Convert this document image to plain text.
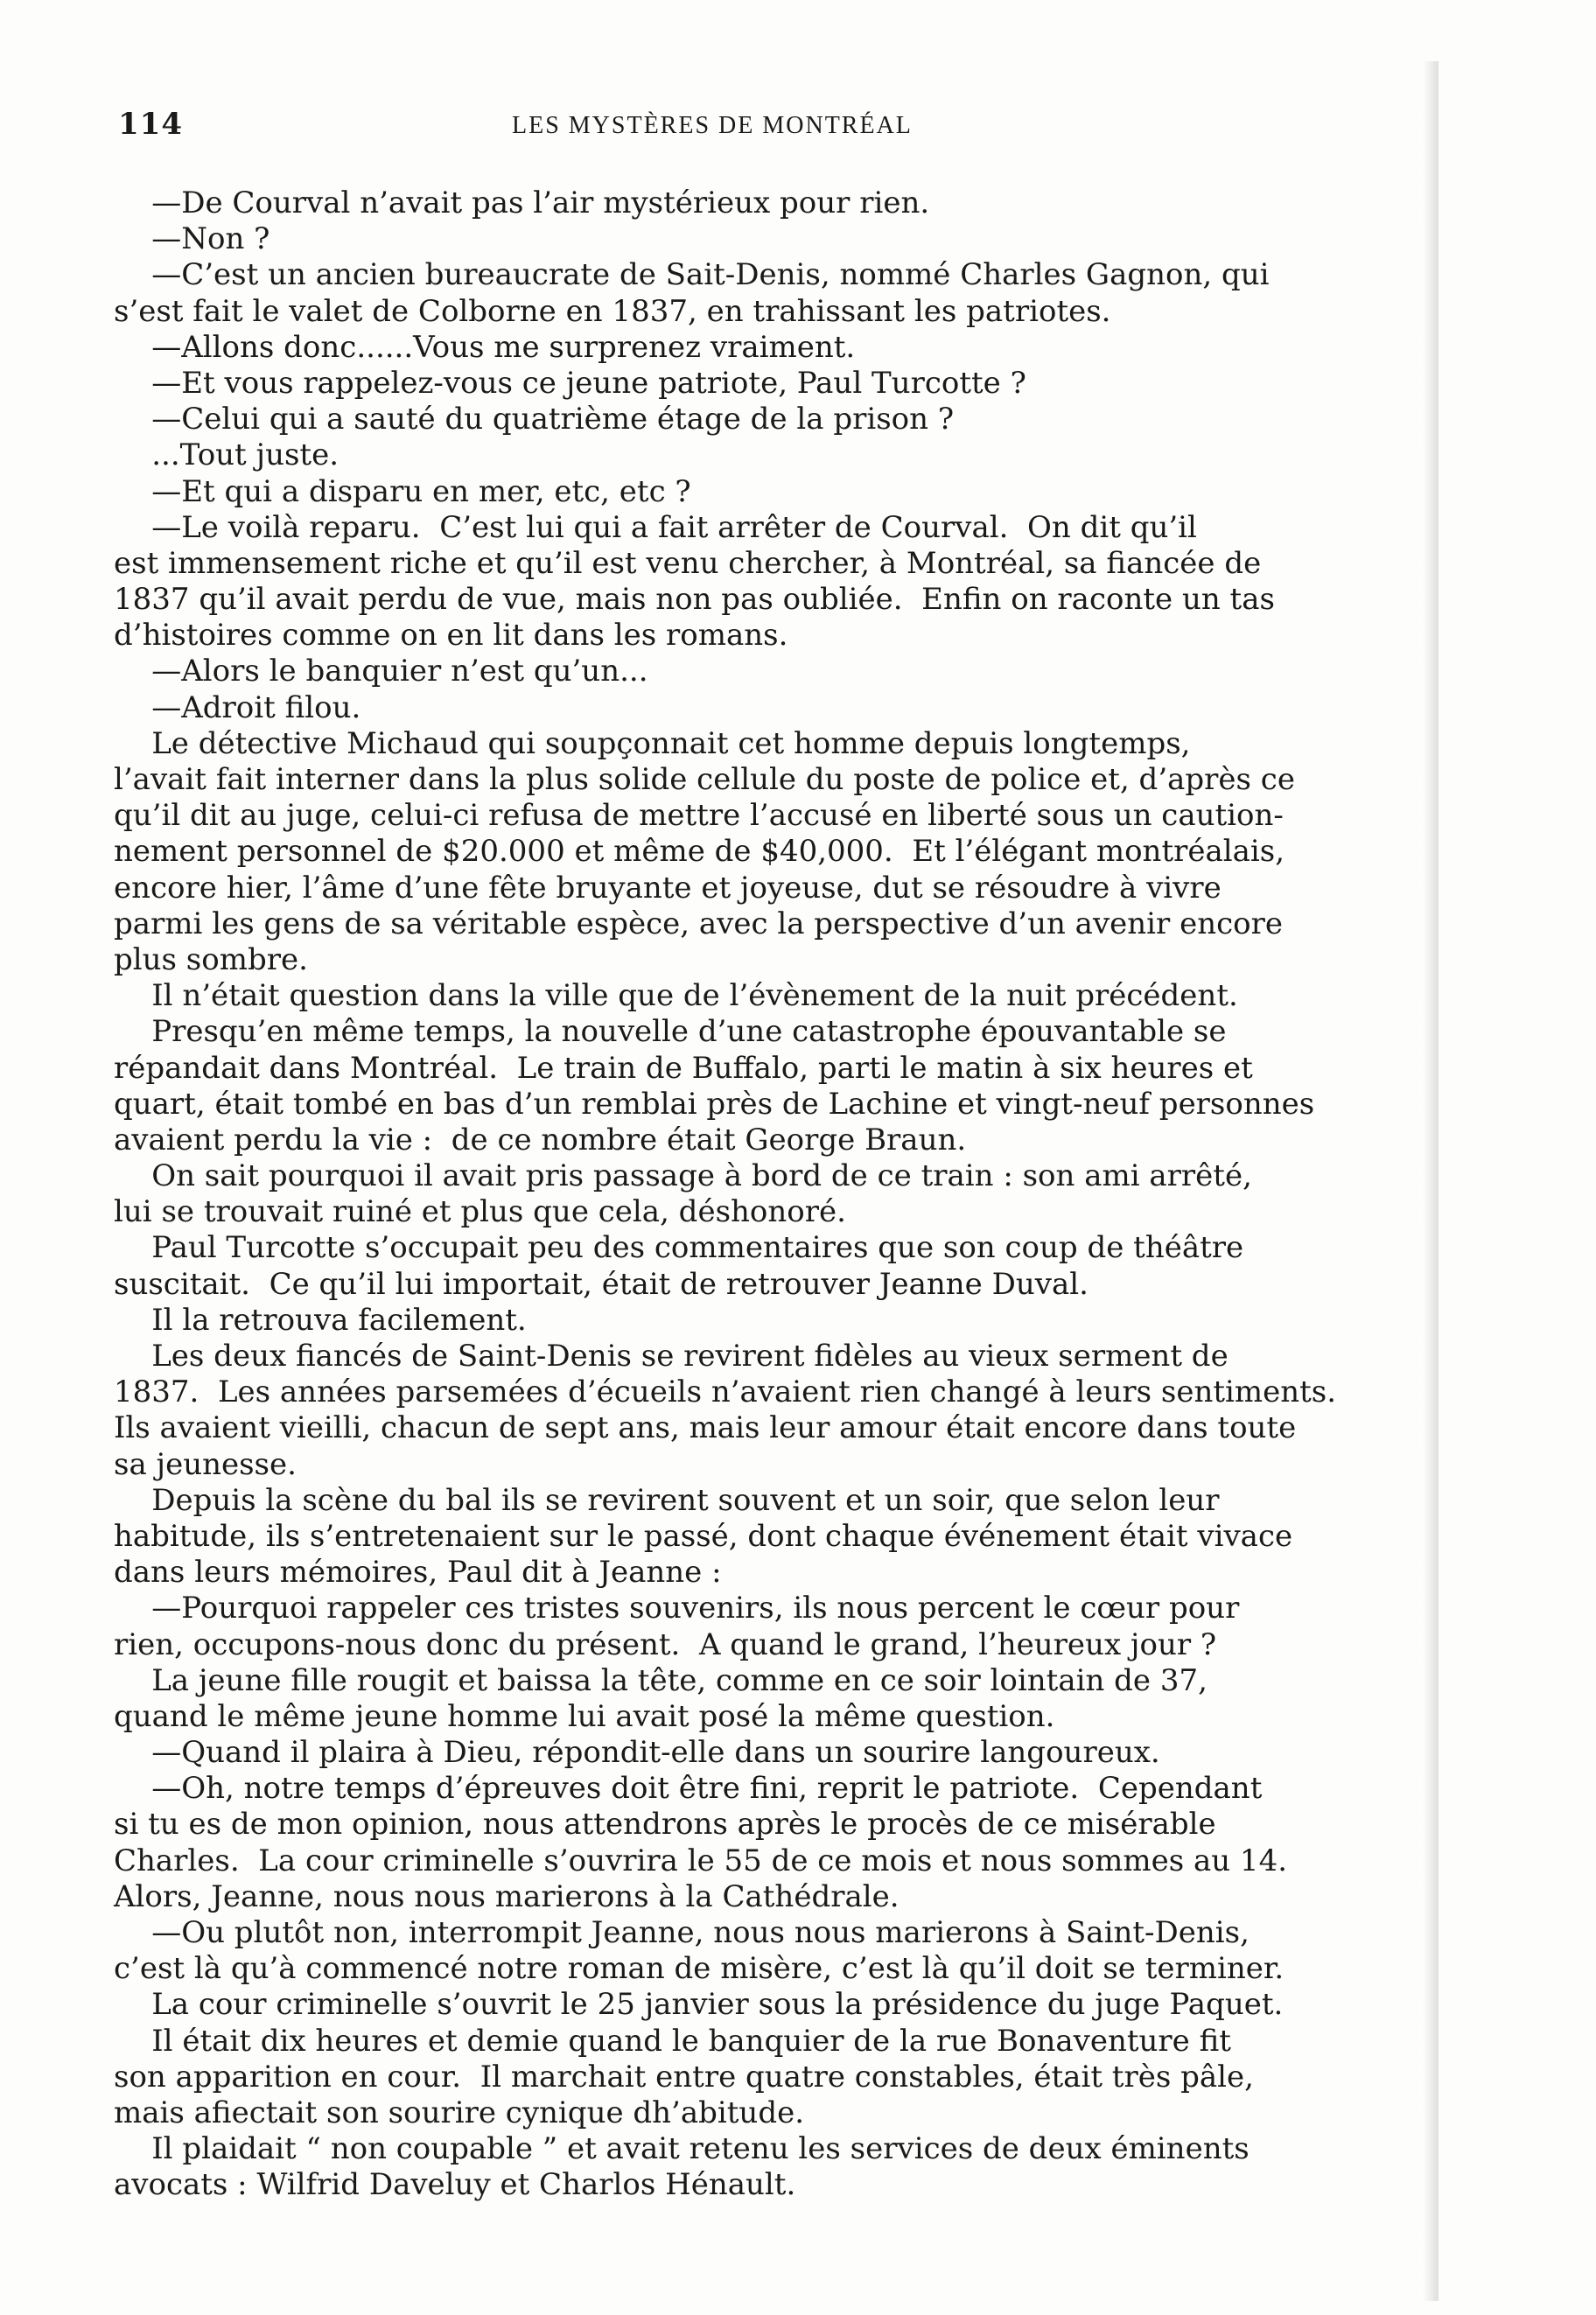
114	LES MYSTÈRES DE MONTRÉAL
—De Courval n’avait pas l’air mystérieux pour rien.
—Non ?
—C’est un ancien bureaucrate de Sait-Denis, nommé Charles Gagnon, qui
s’est fait le valet de Colborne en 1837, en trahissant les patriotes.
—Allons donc......Vous me surprenez vraiment.
—Et vous rappelez-vous ce jeune patriote, Paul Turcotte ?
—Celui qui a sauté du quatrième étage de la prison ?
...Tout juste.
—Et qui a disparu en mer, etc, etc ?
—Le voilà reparu.  C’est lui qui a fait arrêter de Courval.  On dit qu’il
est immensement riche et qu’il est venu chercher, à Montréal, sa fiancée de
1837 qu’il avait perdu de vue, mais non pas oubliée.  Enfin on raconte un tas
d’histoires comme on en lit dans les romans.
—Alors le banquier n’est qu’un...
—Adroit filou.
Le détective Michaud qui soupçonnait cet homme depuis longtemps,
l’avait fait interner dans la plus solide cellule du poste de police et, d’après ce
qu’il dit au juge, celui-ci refusa de mettre l’accusé en liberté sous un caution-
nement personnel de $20.000 et même de $40,000.  Et l’élégant montréalais,
encore hier, l’âme d’une fête bruyante et joyeuse, dut se résoudre à vivre
parmi les gens de sa véritable espèce, avec la perspective d’un avenir encore
plus sombre.
Il n’était question dans la ville que de l’évènement de la nuit précédent.
Presqu’en même temps, la nouvelle d’une catastrophe épouvantable se
répandait dans Montréal.  Le train de Buffalo, parti le matin à six heures et
quart, était tombé en bas d’un remblai près de Lachine et vingt-neuf personnes
avaient perdu la vie :  de ce nombre était George Braun.
On sait pourquoi il avait pris passage à bord de ce train : son ami arrêté,
lui se trouvait ruiné et plus que cela, déshonoré.
Paul Turcotte s’occupait peu des commentaires que son coup de théâtre
suscitait.  Ce qu’il lui importait, était de retrouver Jeanne Duval.
Il la retrouva facilement.
Les deux fiancés de Saint-Denis se revirent fidèles au vieux serment de
1837.  Les années parsemées d’écueils n’avaient rien changé à leurs sentiments.
Ils avaient vieilli, chacun de sept ans, mais leur amour était encore dans toute
sa jeunesse.
Depuis la scène du bal ils se revirent souvent et un soir, que selon leur
habitude, ils s’entretenaient sur le passé, dont chaque événement était vivace
dans leurs mémoires, Paul dit à Jeanne :
—Pourquoi rappeler ces tristes souvenirs, ils nous percent le cœur pour
rien, occupons-nous donc du présent.  A quand le grand, l’heureux jour ?
La jeune fille rougit et baissa la tête, comme en ce soir lointain de 37,
quand le même jeune homme lui avait posé la même question.
—Quand il plaira à Dieu, répondit-elle dans un sourire langoureux.
—Oh, notre temps d’épreuves doit être fini, reprit le patriote.  Cependant
si tu es de mon opinion, nous attendrons après le procès de ce misérable
Charles.  La cour criminelle s’ouvrira le 55 de ce mois et nous sommes au 14.
Alors, Jeanne, nous nous marierons à la Cathédrale.
—Ou plutôt non, interrompit Jeanne, nous nous marierons à Saint-Denis,
c’est là qu’à commencé notre roman de misère, c’est là qu’il doit se terminer.
La cour criminelle s’ouvrit le 25 janvier sous la présidence du juge Paquet.
Il était dix heures et demie quand le banquier de la rue Bonaventure fit
son apparition en cour.  Il marchait entre quatre constables, était très pâle,
mais afiectait son sourire cynique dh’abitude.
Il plaidait “ non coupable ” et avait retenu les services de deux éminents
avocats : Wilfrid Daveluy et Charlos Hénault.
